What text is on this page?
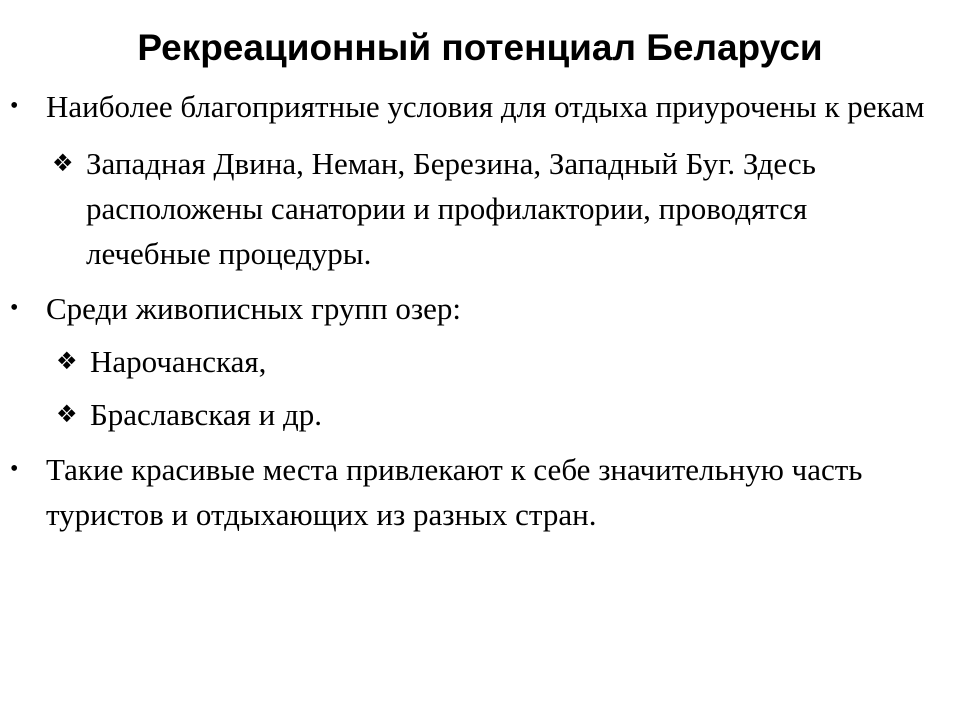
Рекреационный потенциал Беларуси
• Наиболее благоприятные условия для отдыха приурочены к рекам
❖ Западная Двина, Неман, Березина, Западный Буг. Здесь расположены санатории и профилактории, проводятся лечебные процедуры.
• Среди живописных групп озер:
❖ Нарочанская,
❖ Браславская и др.
• Такие красивые места привлекают к себе значительную часть туристов и отдыхающих из разных стран.
